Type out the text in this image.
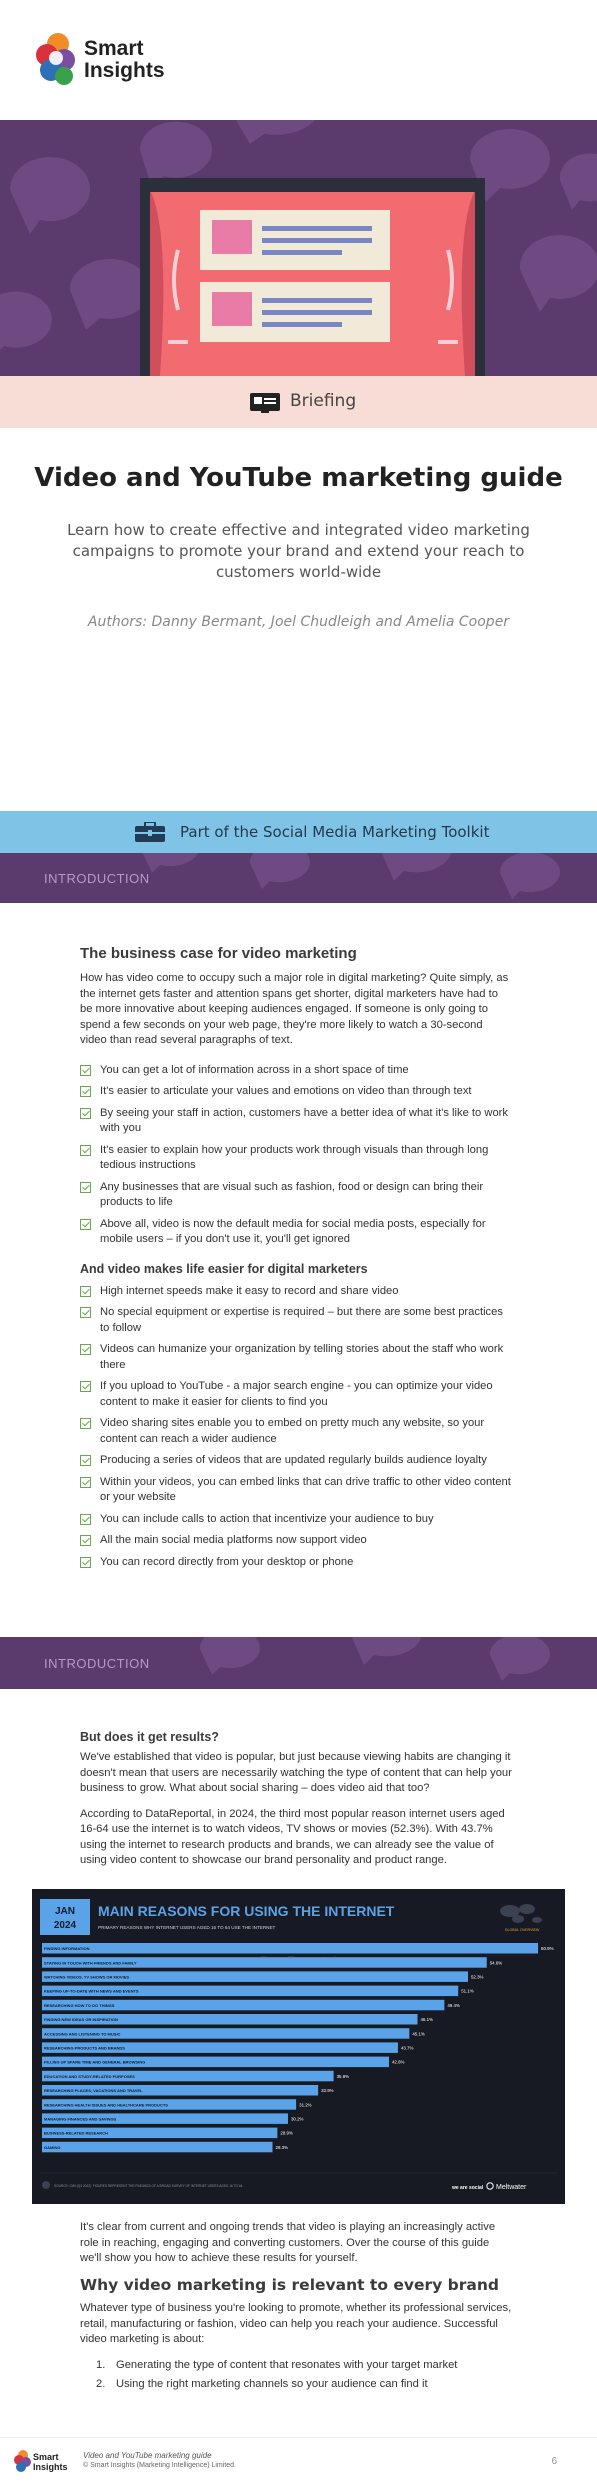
Smart
Insights
Briefing
Video and YouTube marketing guide
Learn how to create effective and integrated video marketing campaigns to promote your brand and extend your reach to customers world-wide
Authors: Danny Bermant, Joel Chudleigh and Amelia Cooper
Part of the Social Media Marketing Toolkit
INTRODUCTION
The business case for video marketing

How has video come to occupy such a major role in digital marketing? Quite simply, as the internet gets faster and attention spans get shorter, digital marketers have had to be more innovative about keeping audiences engaged. If someone is only going to spend a few seconds on your web page, they're more likely to watch a 30-second video than read several paragraphs of text.

You can get a lot of information across in a short space of time
It's easier to articulate your values and emotions on video than through text
By seeing your staff in action, customers have a better idea of what it's like to work with you
It's easier to explain how your products work through visuals than through long tedious instructions
Any businesses that are visual such as fashion, food or design can bring their products to life
Above all, video is now the default media for social media posts, especially for mobile users – if you don't use it, you'll get ignored
And video makes life easier for digital marketers
High internet speeds make it easy to record and share video
No special equipment or expertise is required – but there are some best practices to follow
Videos can humanize your organization by telling stories about the staff who work there
If you upload to YouTube - a major search engine - you can optimize your video content to make it easier for clients to find you
Video sharing sites enable you to embed on pretty much any website, so your content can reach a wider audience
Producing a series of videos that are updated regularly builds audience loyalty
Within your videos, you can embed links that can drive traffic to other video content or your website
You can include calls to action that incentivize your audience to buy
All the main social media platforms now support video
You can record directly from your desktop or phone
INTRODUCTION
But does it get results?

We've established that video is popular, but just because viewing habits are changing it doesn't mean that users are necessarily watching the type of content that can help your business to grow. What about social sharing – does video aid that too?

According to DataReportal, in 2024, the third most popular reason internet users aged 16-64 use the internet is to watch videos, TV shows or movies (52.3%). With 43.7% using the internet to research products and brands, we can already see the value of using video content to showcase our brand personality and product range.

JAN
2024
MAIN REASONS FOR USING THE INTERNET
PRIMARY REASONS WHY INTERNET USERS AGED 16 TO 64 USE THE INTERNET	GLOBAL OVERVIEW
FINDING INFORMATION	60.9%
STAYING IN TOUCH WITH FRIENDS AND FAMILY	54.6%
WATCHING VIDEOS, TV SHOWS OR MOVIES	52.3%
KEEPING UP-TO-DATE WITH NEWS AND EVENTS	51.1%
RESEARCHING HOW TO DO THINGS	49.4%
FINDING NEW IDEAS OR INSPIRATION	46.1%
ACCESSING AND LISTENING TO MUSIC	45.1%
RESEARCHING PRODUCTS AND BRANDS	43.7%
FILLING UP SPARE TIME AND GENERAL BROWSING	42.6%
EDUCATION AND STUDY-RELATED PURPOSES	35.8%
RESEARCHING PLACES, VACATIONS AND TRAVEL	33.9%
RESEARCHING HEALTH ISSUES AND HEALTHCARE PRODUCTS	31.2%
MANAGING FINANCES AND SAVINGS	30.2%
BUSINESS-RELATED RESEARCH	28.9%
GAMING	28.3%
SOURCE: GWI (Q3 2023). FIGURES REPRESENT THE FINDINGS OF A BROAD SURVEY OF INTERNET USERS AGED 16 TO 64.	we are social Meltwater

It's clear from current and ongoing trends that video is playing an increasingly active role in reaching, engaging and converting customers. Over the course of this guide we'll show you how to achieve these results for yourself.

Why video marketing is relevant to every brand

Whatever type of business you're looking to promote, whether its professional services, retail, manufacturing or fashion, video can help you reach your audience. Successful video marketing is about:

1. Generating the type of content that resonates with your target market
2. Using the right marketing channels so your audience can find it
Smart
Insights
Video and YouTube marketing guide
© Smart Insights (Marketing Intelligence) Limited.	6
